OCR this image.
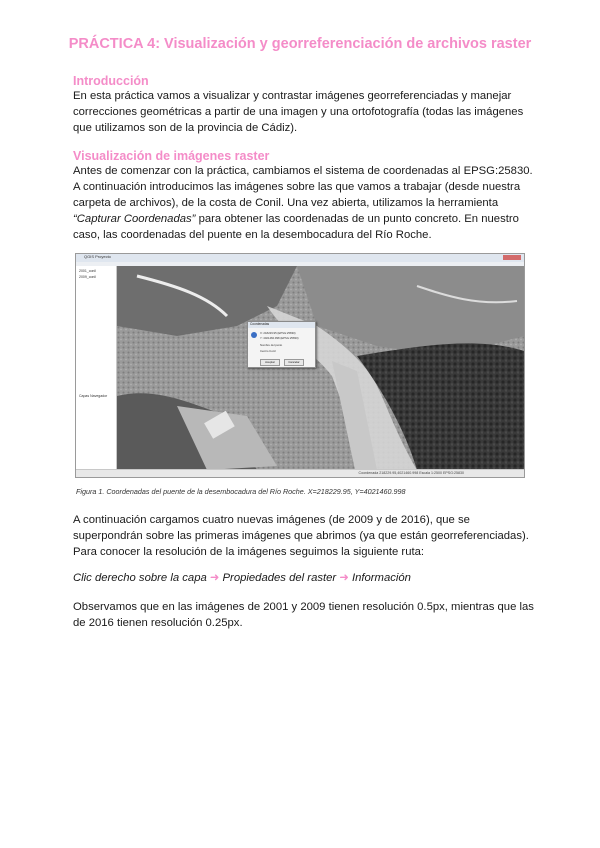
PRÁCTICA 4: Visualización y georreferenciación de archivos raster
Introducción
En esta práctica vamos a visualizar y contrastar imágenes georreferenciadas y manejar
correcciones geométricas a partir de una imagen y una ortofotografía (todas las imágenes
que utilizamos son de la provincia de Cádiz).
Visualización de imágenes raster
Antes de comenzar con la práctica, cambiamos el sistema de coordenadas al EPSG:25830.
A continuación introducimos las imágenes sobre las que vamos a trabajar (desde nuestra
carpeta de archivos), de la costa de Conil. Una vez abierta, utilizamos la herramienta
“Capturar Coordenadas” para obtener las coordenadas de un punto concreto. En nuestro
caso, las coordenadas del puente en la desembocadura del Río Roche.
QGIS Proyecto
2001_conil
2009_conil
Capas Navegador
Coordenadas
X: 218229.95 (EPSG:25830)
Y: 4021460.998 (EPSG:25830)
Nombre del punto
Centro Conil
Aceptar	Cancelar
Coordenada 218229.95,4021460.998 Escala 1:2500 EPSG:25830
Figura 1. Coordenadas del puente de la desembocadura del Río Roche. X=218229.95, Y=4021460.998
A continuación cargamos cuatro nuevas imágenes (de 2009 y de 2016), que se
superpondrán sobre las primeras imágenes que abrimos (ya que están georreferenciadas).
Para conocer la resolución de la imágenes seguimos la siguiente ruta:
Clic derecho sobre la capa ➜ Propiedades del raster ➜ Información
Observamos que en las imágenes de 2001 y 2009 tienen resolución 0.5px, mientras que las
de 2016 tienen resolución 0.25px.
